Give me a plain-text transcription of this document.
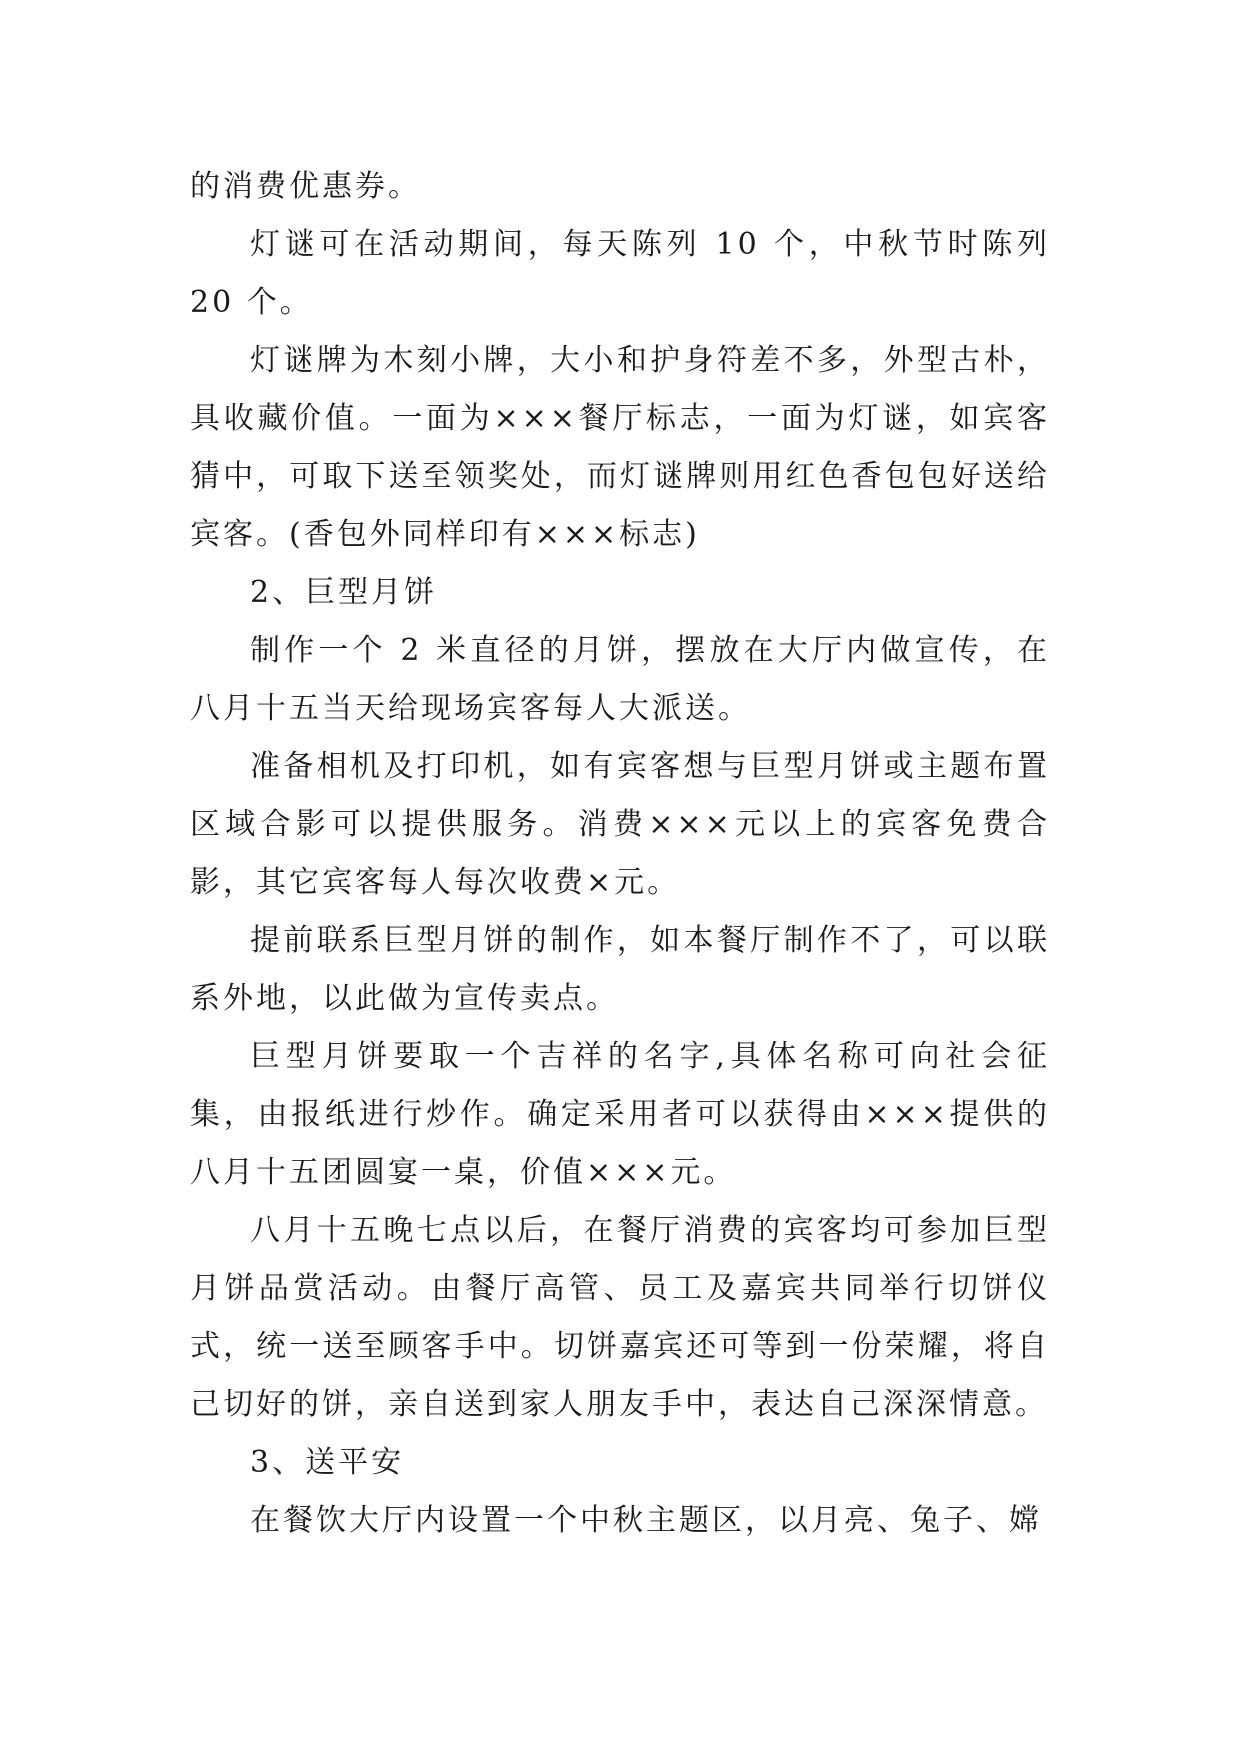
的消费优惠券。

灯谜可在活动期间，每天陈列 10 个，中秋节时陈列 20 个。

灯谜牌为木刻小牌，大小和护身符差不多，外型古朴，具收藏价值。一面为×××餐厅标志，一面为灯谜，如宾客猜中，可取下送至领奖处，而灯谜牌则用红色香包包好送给宾客。(香包外同样印有×××标志)

2、巨型月饼

制作一个 2 米直径的月饼，摆放在大厅内做宣传，在八月十五当天给现场宾客每人大派送。

准备相机及打印机，如有宾客想与巨型月饼或主题布置区域合影可以提供服务。消费×××元以上的宾客免费合影，其它宾客每人每次收费×元。

提前联系巨型月饼的制作，如本餐厅制作不了，可以联系外地，以此做为宣传卖点。

巨型月饼要取一个吉祥的名字,具体名称可向社会征集，由报纸进行炒作。确定采用者可以获得由×××提供的八月十五团圆宴一桌，价值×××元。

八月十五晚七点以后，在餐厅消费的宾客均可参加巨型月饼品赏活动。由餐厅高管、员工及嘉宾共同举行切饼仪式，统一送至顾客手中。切饼嘉宾还可等到一份荣耀，将自己切好的饼，亲自送到家人朋友手中，表达自己深深情意。

3、送平安

在餐饮大厅内设置一个中秋主题区，以月亮、兔子、嫦
